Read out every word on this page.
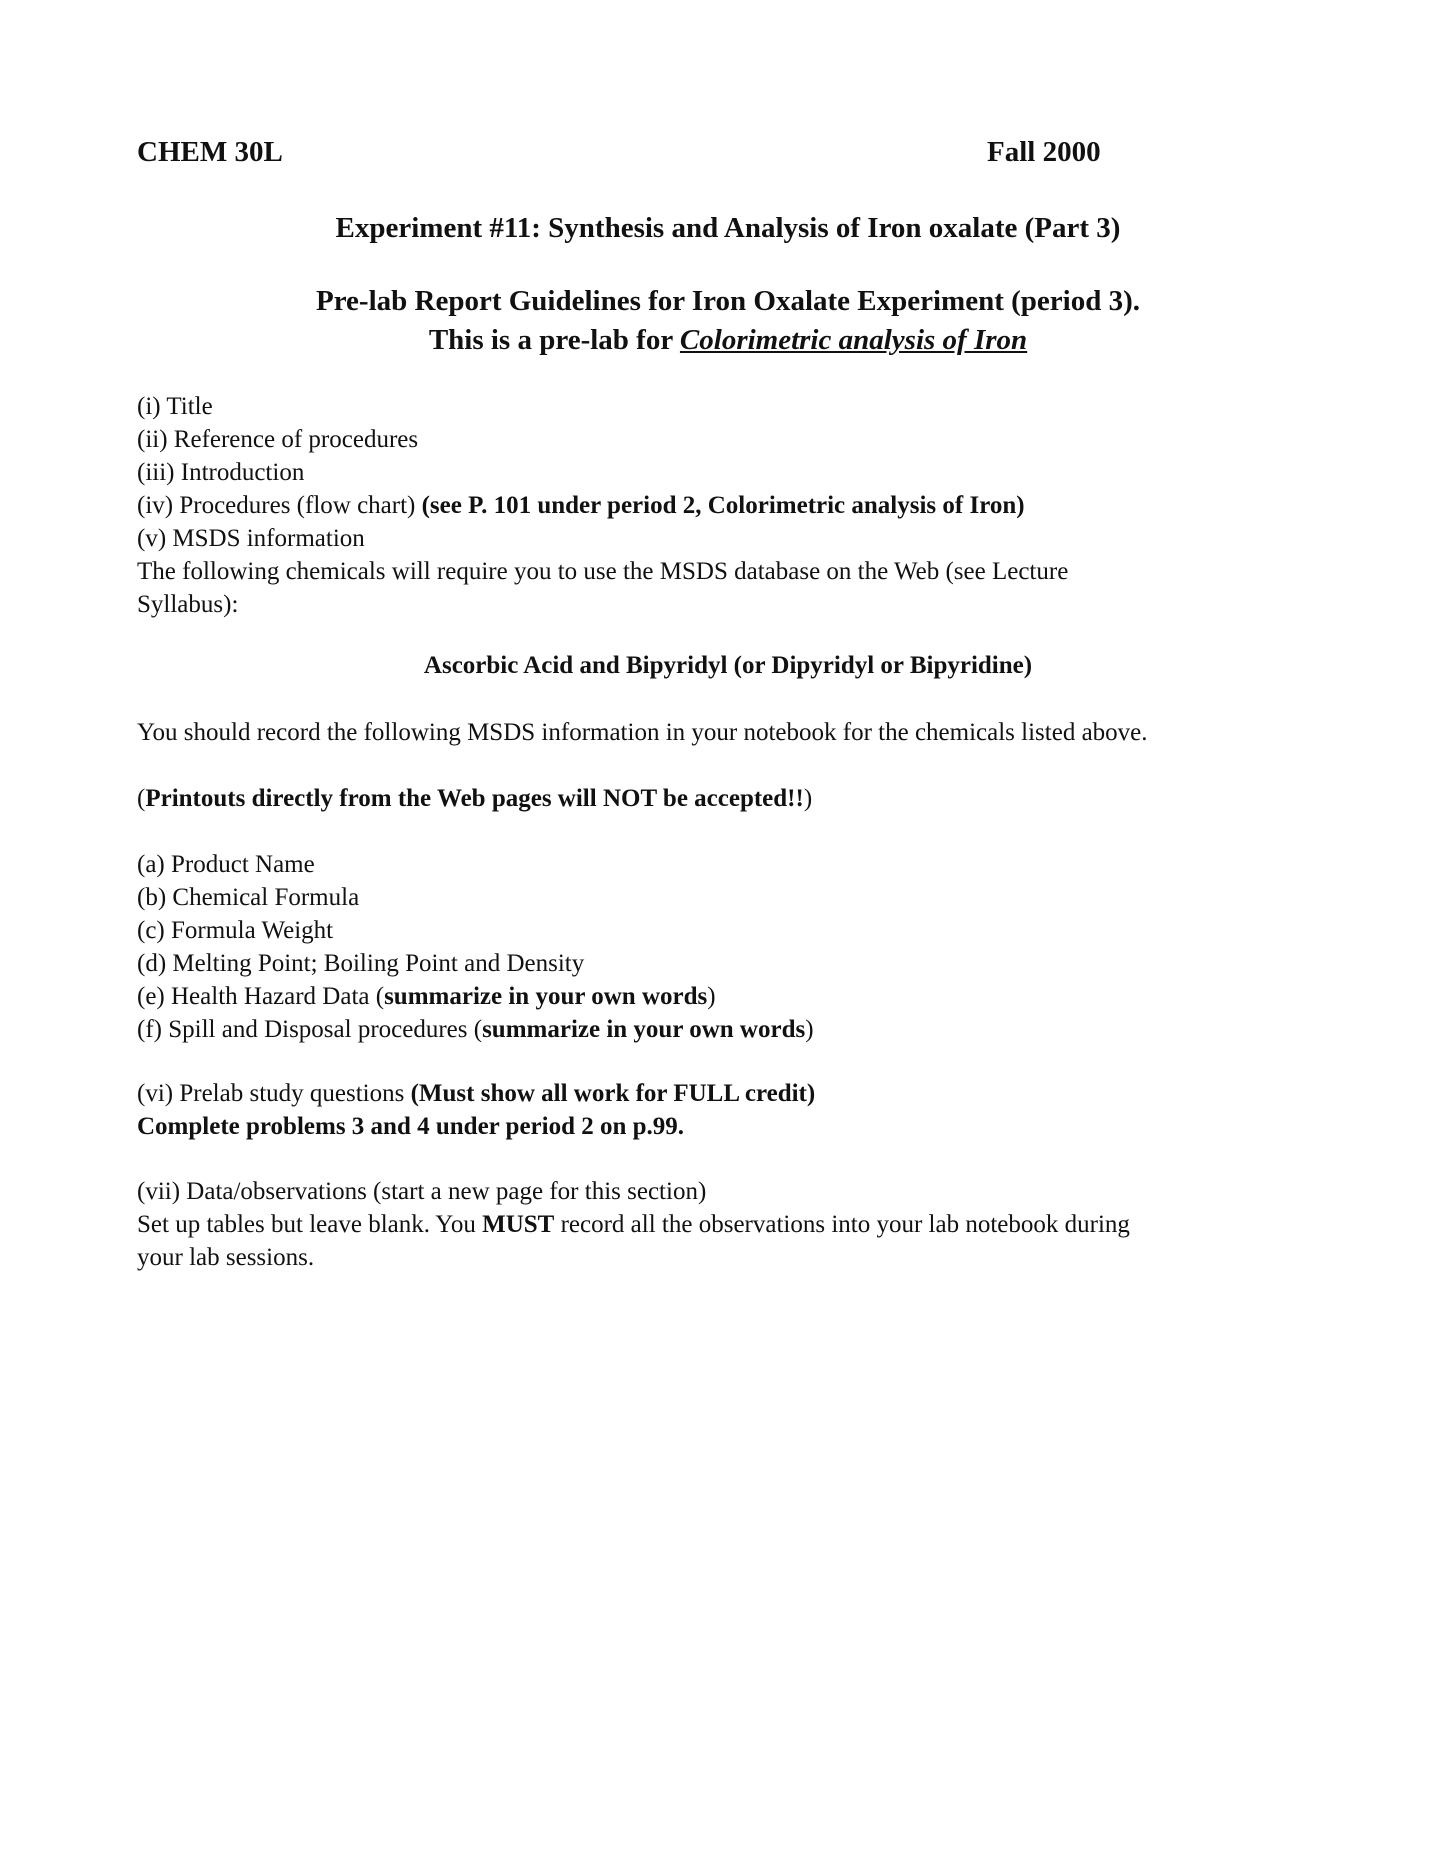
CHEM 30L	Fall 2000
Experiment #11: Synthesis and Analysis of Iron oxalate (Part 3)
Pre-lab Report Guidelines for Iron Oxalate Experiment (period 3).
This is a pre-lab for Colorimetric analysis of Iron
(i) Title
(ii) Reference of procedures
(iii) Introduction
(iv) Procedures (flow chart) (see P. 101 under period 2, Colorimetric analysis of Iron)
(v) MSDS information
The following chemicals will require you to use the MSDS database on the Web (see Lecture
Syllabus):
Ascorbic Acid and Bipyridyl (or Dipyridyl or Bipyridine)
You should record the following MSDS information in your notebook for the chemicals listed above.
(Printouts directly from the Web pages will NOT be accepted!!)
(a) Product Name
(b) Chemical Formula
(c) Formula Weight
(d) Melting Point; Boiling Point and Density
(e) Health Hazard Data (summarize in your own words)
(f) Spill and Disposal procedures (summarize in your own words)
(vi) Prelab study questions (Must show all work for FULL credit)
Complete problems 3 and 4 under period 2 on p.99.
(vii) Data/observations (start a new page for this section)
Set up tables but leave blank. You MUST record all the observations into your lab notebook during
your lab sessions.
